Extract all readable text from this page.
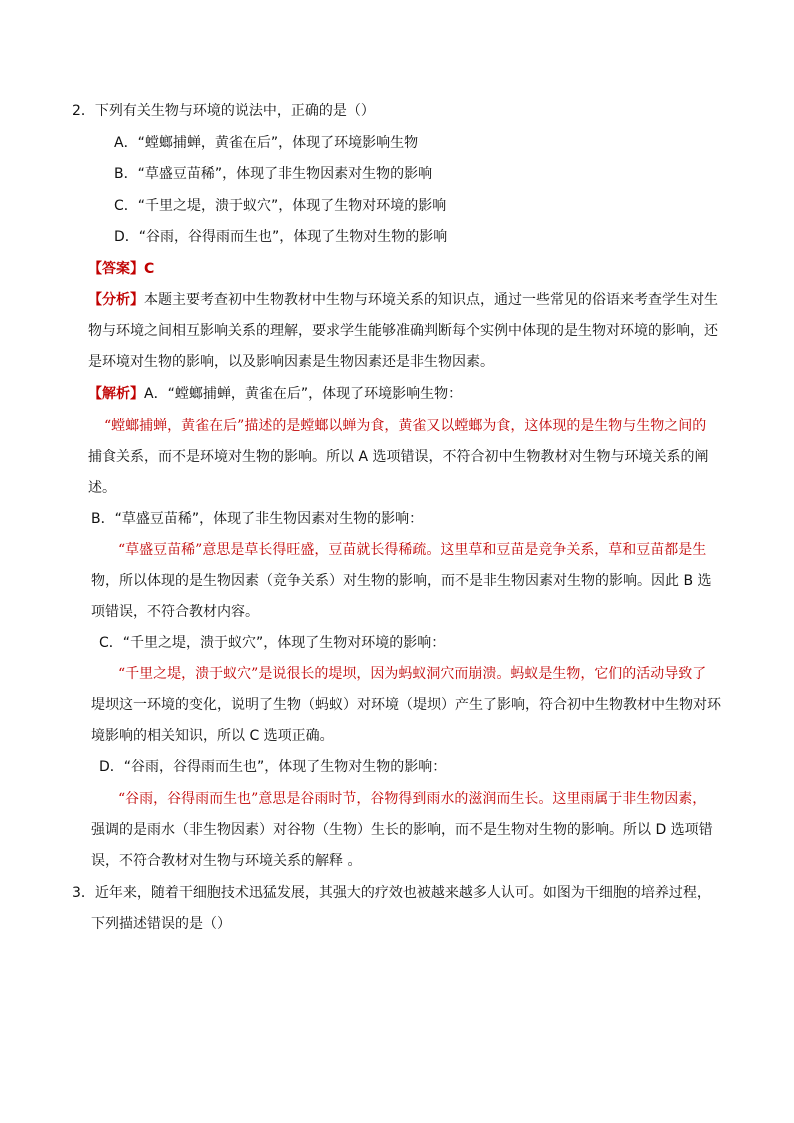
2．下列有关生物与环境的说法中，正确的是（）
A．“螳螂捕蝉，黄雀在后”，体现了环境影响生物
B．“草盛豆苗稀”，体现了非生物因素对生物的影响
C．“千里之堤，溃于蚁穴”，体现了生物对环境的影响
D．“谷雨，谷得雨而生也”，体现了生物对生物的影响
【答案】C
【分析】本题主要考查初中生物教材中生物与环境关系的知识点，通过一些常见的俗语来考查学生对生
物与环境之间相互影响关系的理解，要求学生能够准确判断每个实例中体现的是生物对环境的影响，还
是环境对生物的影响，以及影响因素是生物因素还是非生物因素。
【解析】A．“螳螂捕蝉，黄雀在后”，体现了环境影响生物：
“螳螂捕蝉，黄雀在后”描述的是螳螂以蝉为食，黄雀又以螳螂为食，这体现的是生物与生物之间的
捕食关系，而不是环境对生物的影响。所以 A 选项错误，不符合初中生物教材对生物与环境关系的阐
述。
B．“草盛豆苗稀”，体现了非生物因素对生物的影响：
“草盛豆苗稀”意思是草长得旺盛，豆苗就长得稀疏。这里草和豆苗是竞争关系，草和豆苗都是生
物，所以体现的是生物因素（竞争关系）对生物的影响，而不是非生物因素对生物的影响。因此 B 选
项错误，不符合教材内容。
C．“千里之堤，溃于蚁穴”，体现了生物对环境的影响：
“千里之堤，溃于蚁穴”是说很长的堤坝，因为蚂蚁洞穴而崩溃。蚂蚁是生物，它们的活动导致了
堤坝这一环境的变化，说明了生物（蚂蚁）对环境（堤坝）产生了影响，符合初中生物教材中生物对环
境影响的相关知识，所以 C 选项正确。
D．“谷雨，谷得雨而生也”，体现了生物对生物的影响：
“谷雨，谷得雨而生也”意思是谷雨时节，谷物得到雨水的滋润而生长。这里雨属于非生物因素，
强调的是雨水（非生物因素）对谷物（生物）生长的影响，而不是生物对生物的影响。所以 D 选项错
误，不符合教材对生物与环境关系的解释 。
3．近年来，随着干细胞技术迅猛发展，其强大的疗效也被越来越多人认可。如图为干细胞的培养过程，
下列描述错误的是（）
